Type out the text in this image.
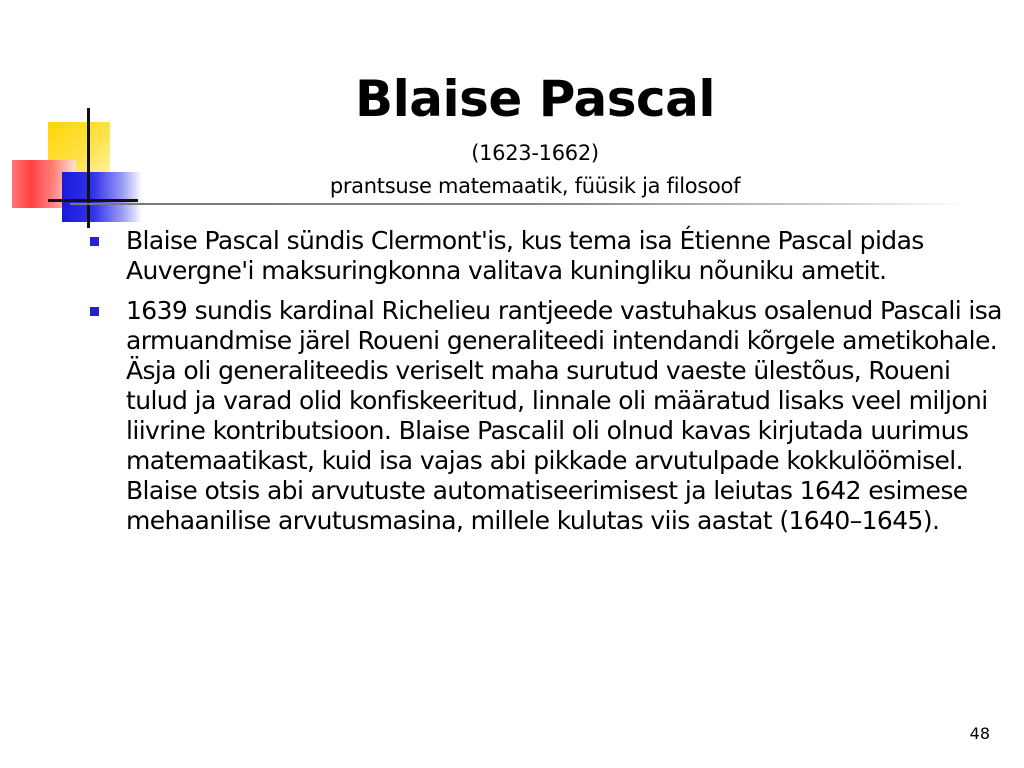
Blaise Pascal
(1623-1662)
prantsuse matemaatik, füüsik ja filosoof
Blaise Pascal sündis Clermont'is, kus tema isa Étienne Pascal pidas Auvergne'i maksuringkonna valitava kuningliku nõuniku ametit.
1639 sundis kardinal Richelieu rantjeede vastuhakus osalenud Pascali isa armuandmise järel Roueni generaliteedi intendandi kõrgele ametikohale. Äsja oli generaliteedis veriselt maha surutud vaeste ülestõus, Roueni tulud ja varad olid konfiskeeritud, linnale oli määratud lisaks veel miljoni liivrine kontributsioon. Blaise Pascalil oli olnud kavas kirjutada uurimus matemaatikast, kuid isa vajas abi pikkade arvutulpade kokkulöömisel. Blaise otsis abi arvutuste automatiseerimisest ja leiutas 1642 esimese mehaanilise arvutusmasina, millele kulutas viis aastat (1640–1645).
48
